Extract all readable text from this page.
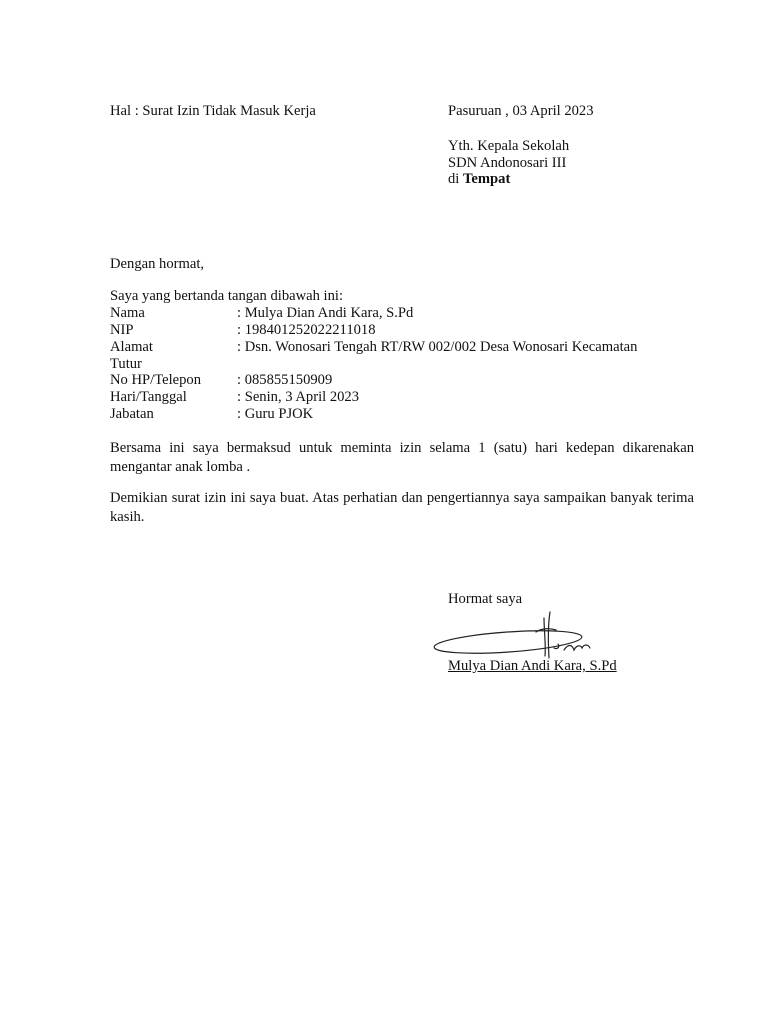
Hal : Surat Izin Tidak Masuk Kerja	Pasuruan , 03 April 2023
Yth. Kepala Sekolah
SDN Andonosari III
di Tempat
Dengan hormat,
Saya yang bertanda tangan dibawah ini:
Nama	: Mulya Dian Andi Kara, S.Pd
NIP	: 198401252022211018
Alamat	: Dsn. Wonosari Tengah RT/RW 002/002 Desa Wonosari Kecamatan
Tutur
No HP/Telepon : 085855150909
Hari/Tanggal	: Senin, 3 April 2023
Jabatan	: Guru PJOK
Bersama ini saya bermaksud untuk meminta izin selama 1 (satu) hari kedepan dikarenakan mengantar anak lomba .
Demikian surat izin ini saya buat. Atas perhatian dan pengertiannya saya sampaikan banyak terima kasih.
Hormat saya
Mulya Dian Andi Kara, S.Pd
